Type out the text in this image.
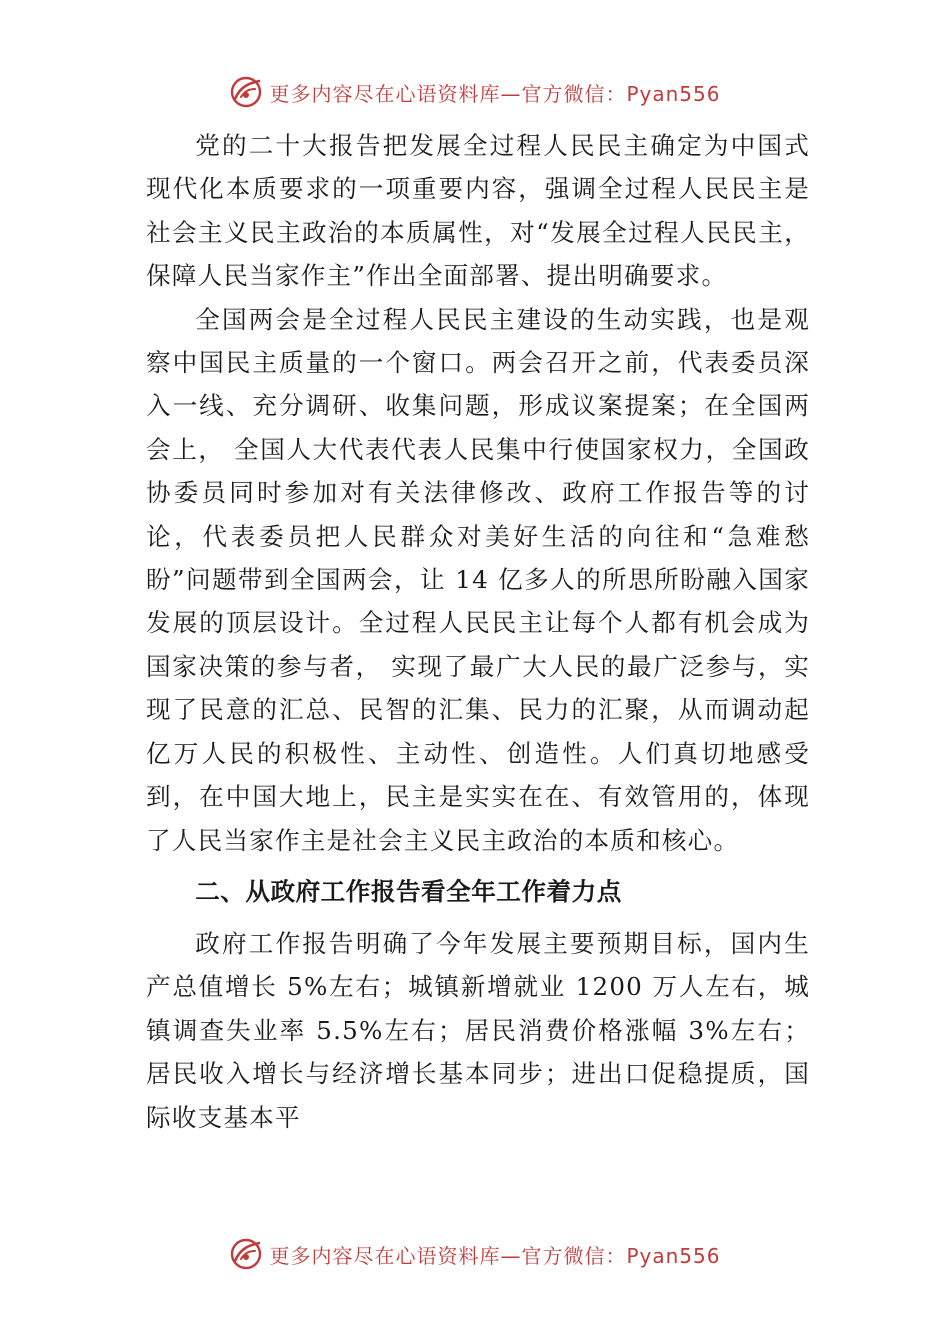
更多内容尽在心语资料库—官方微信：Pyan556

党的二十大报告把发展全过程人民民主确定为中国式现代化本质要求的一项重要内容，强调全过程人民民主是社会主义民主政治的本质属性，对“发展全过程人民民主，保障人民当家作主”作出全面部署、提出明确要求。

全国两会是全过程人民民主建设的生动实践，也是观察中国民主质量的一个窗口。两会召开之前，代表委员深入一线、充分调研、收集问题，形成议案提案；在全国两会上， 全国人大代表代表人民集中行使国家权力，全国政协委员同时参加对有关法律修改、政府工作报告等的讨论，代表委员把人民群众对美好生活的向往和“急难愁盼”问题带到全国两会，让 14 亿多人的所思所盼融入国家发展的顶层设计。全过程人民民主让每个人都有机会成为国家决策的参与者， 实现了最广大人民的最广泛参与，实现了民意的汇总、民智的汇集、民力的汇聚，从而调动起亿万人民的积极性、主动性、创造性。人们真切地感受到，在中国大地上，民主是实实在在、有效管用的，体现了人民当家作主是社会主义民主政治的本质和核心。

二、从政府工作报告看全年工作着力点

政府工作报告明确了今年发展主要预期目标，国内生产总值增长 5%左右；城镇新增就业 1200 万人左右，城镇调查失业率 5.5%左右；居民消费价格涨幅 3%左右；居民收入增长与经济增长基本同步；进出口促稳提质，国际收支基本平

更多内容尽在心语资料库—官方微信：Pyan556
